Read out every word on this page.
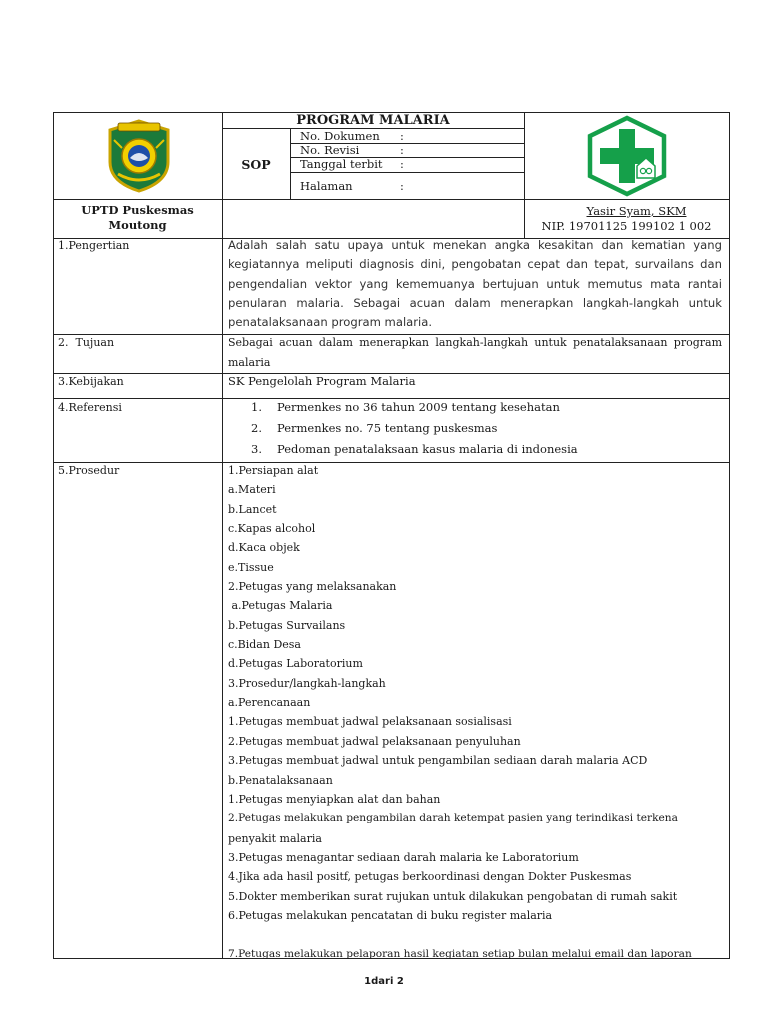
PROGRAM MALARIA
SOP
No. Dokumen :
No. Revisi	:
Tanggal terbit :
Halaman	:
UPTD Puskesmas
Moutong
Yasir Syam, SKM
NIP. 19701125 199102 1 002
1.Pengertian	Adalah salah satu upaya untuk menekan angka kesakitan dan kematian yang kegiatannya meliputi diagnosis dini, pengobatan cepat dan tepat, survailans dan pengendalian vektor yang kememuanya bertujuan untuk memutus mata rantai penularan malaria. Sebagai acuan dalam menerapkan langkah-langkah untuk penatalaksanaan program malaria.
2.  Tujuan	Sebagai acuan dalam menerapkan langkah-langkah untuk penatalaksanaan program malaria
3.Kebijakan	SK Pengelolah Program Malaria
4.Referensi	1. Permenkes no 36 tahun 2009 tentang kesehatan
2. Permenkes no. 75 tentang puskesmas
3. Pedoman penatalaksaan kasus malaria di indonesia
5.Prosedur	1.Persiapan alat
a.Materi
b.Lancet
c.Kapas alcohol
d.Kaca objek
e.Tissue
2.Petugas yang melaksanakan
a.Petugas Malaria
b.Petugas Survailans
c.Bidan Desa
d.Petugas Laboratorium
3.Prosedur/langkah-langkah
a.Perencanaan
1.Petugas membuat jadwal pelaksanaan sosialisasi
2.Petugas membuat jadwal pelaksanaan penyuluhan
3.Petugas membuat jadwal untuk pengambilan sediaan darah malaria ACD
b.Penatalaksanaan
1.Petugas menyiapkan alat dan bahan
2.Petugas melakukan pengambilan darah ketempat pasien yang terindikasi terkena
penyakit malaria
3.Petugas menagantar sediaan darah malaria ke Laboratorium
4.Jika ada hasil positf, petugas berkoordinasi dengan Dokter Puskesmas
5.Dokter memberikan surat rujukan untuk dilakukan pengobatan di rumah sakit
6.Petugas melakukan pencatatan di buku register malaria
7.Petugas melakukan pelaporan hasil kegiatan setiap bulan melalui email dan laporan
1dari 2
